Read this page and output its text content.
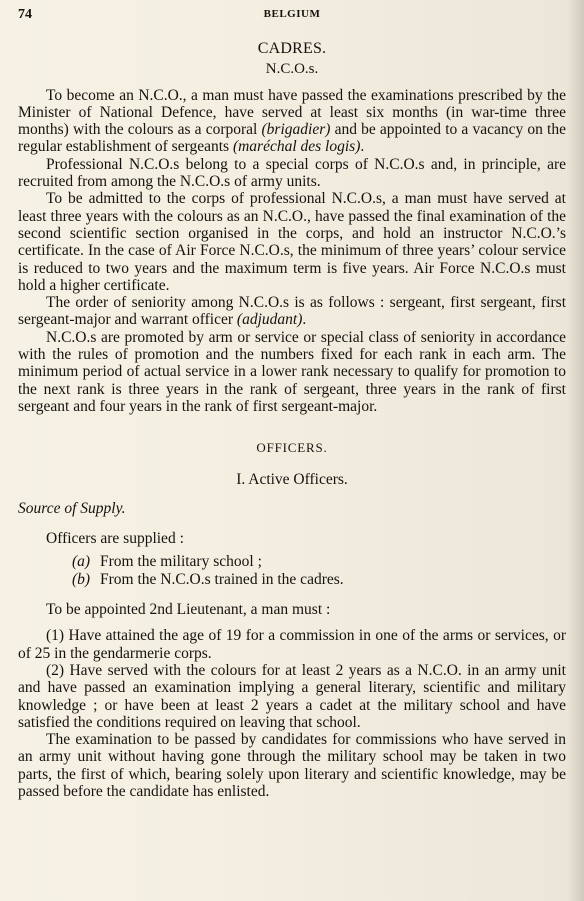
74	BELGIUM
CADRES.
N.C.O.s.

To become an N.C.O., a man must have passed the examinations prescribed by the Minister of National Defence, have served at least six months (in war-time three months) with the colours as a corporal (brigadier) and be appointed to a vacancy on the regular establishment of sergeants (maréchal des logis).

Professional N.C.O.s belong to a special corps of N.C.O.s and, in principle, are recruited from among the N.C.O.s of army units.

To be admitted to the corps of professional N.C.O.s, a man must have served at least three years with the colours as an N.C.O., have passed the final examination of the second scientific section organised in the corps, and hold an instructor N.C.O.’s certificate. In the case of Air Force N.C.O.s, the minimum of three years’ colour service is reduced to two years and the maximum term is five years. Air Force N.C.O.s must hold a higher certificate.

The order of seniority among N.C.O.s is as follows : sergeant, first sergeant, first sergeant-major and warrant officer (adjudant).

N.C.O.s are promoted by arm or service or special class of seniority in accordance with the rules of promotion and the numbers fixed for each rank in each arm. The minimum period of actual service in a lower rank necessary to qualify for promotion to the next rank is three years in the rank of sergeant, three years in the rank of first sergeant and four years in the rank of first sergeant-major.

OFFICERS.
I. Active Officers.

Source of Supply.

Officers are supplied :

(a) From the military school ;

(b) From the N.C.O.s trained in the cadres.

To be appointed 2nd Lieutenant, a man must :

(1) Have attained the age of 19 for a commission in one of the arms or services, or of 25 in the gendarmerie corps.

(2) Have served with the colours for at least 2 years as a N.C.O. in an army unit and have passed an examination implying a general literary, scientific and military knowledge ; or have been at least 2 years a cadet at the military school and have satisfied the conditions required on leaving that school.

The examination to be passed by candidates for commissions who have served in an army unit without having gone through the military school may be taken in two parts, the first of which, bearing solely upon literary and scientific knowledge, may be passed before the candidate has enlisted.
